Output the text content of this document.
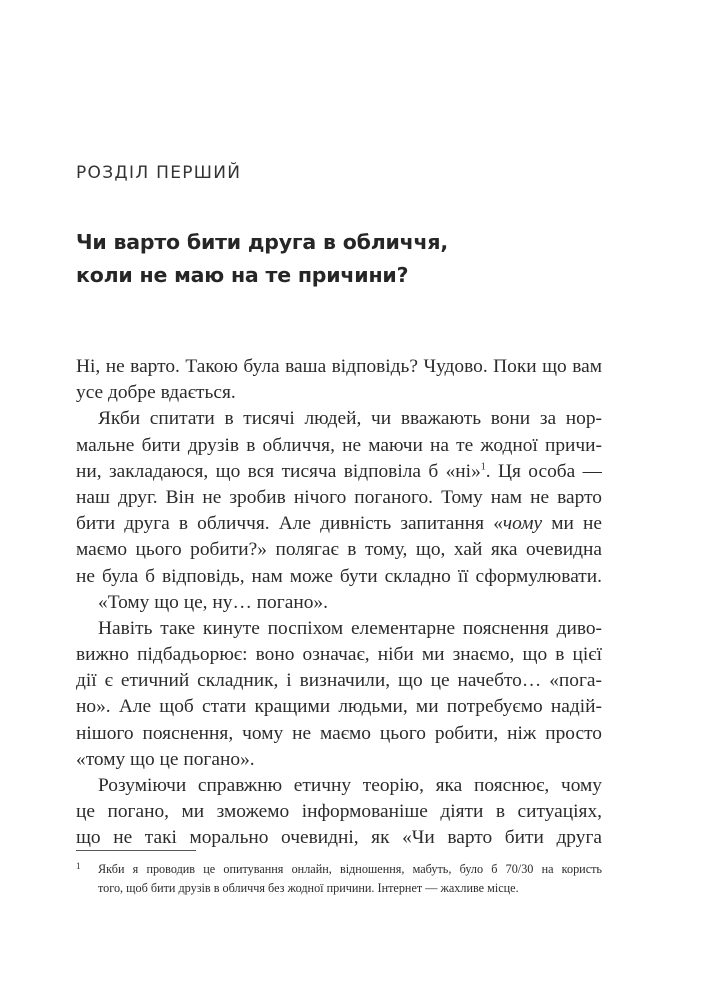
РОЗДІЛ ПЕРШИЙ
Чи варто бити друга в обличчя,
коли не маю на те причини?
Ні, не варто. Такою була ваша відповідь? Чудово. Поки що вам
усе добре вдається.
Якби спитати в тисячі людей, чи вважають вони за нор-
мальне бити друзів в обличчя, не маючи на те жодної причи-
ни, закладаюся, що вся тисяча відповіла б «ні»$^1$. Ця особа —
наш друг. Він не зробив нічого поганого. Тому нам не варто
бити друга в обличчя. Але дивність запитання «чому ми не
маємо цього робити?» полягає в тому, що, хай яка очевидна
не була б відповідь, нам може бути складно її сформулювати.
«Тому що це, ну… погано».
Навіть таке кинуте поспіхом елементарне пояснення диво-
вижно підбадьорює: воно означає, ніби ми знаємо, що в цієї
дії є етичний складник, і визначили, що це начебто… «пога-
но». Але щоб стати кращими людьми, ми потребуємо надій-
нішого пояснення, чому не маємо цього робити, ніж просто
«тому що це погано».
Розуміючи справжню етичну теорію, яка пояснює, чому
це погано, ми зможемо інформованіше діяти в ситуаціях,
що не такі морально очевидні, як «Чи варто бити друга
1	Якби я проводив це опитування онлайн, відношення, мабуть, було б 70/30 на користь
того, щоб бити друзів в обличчя без жодної причини. Інтернет — жахливе місце.
